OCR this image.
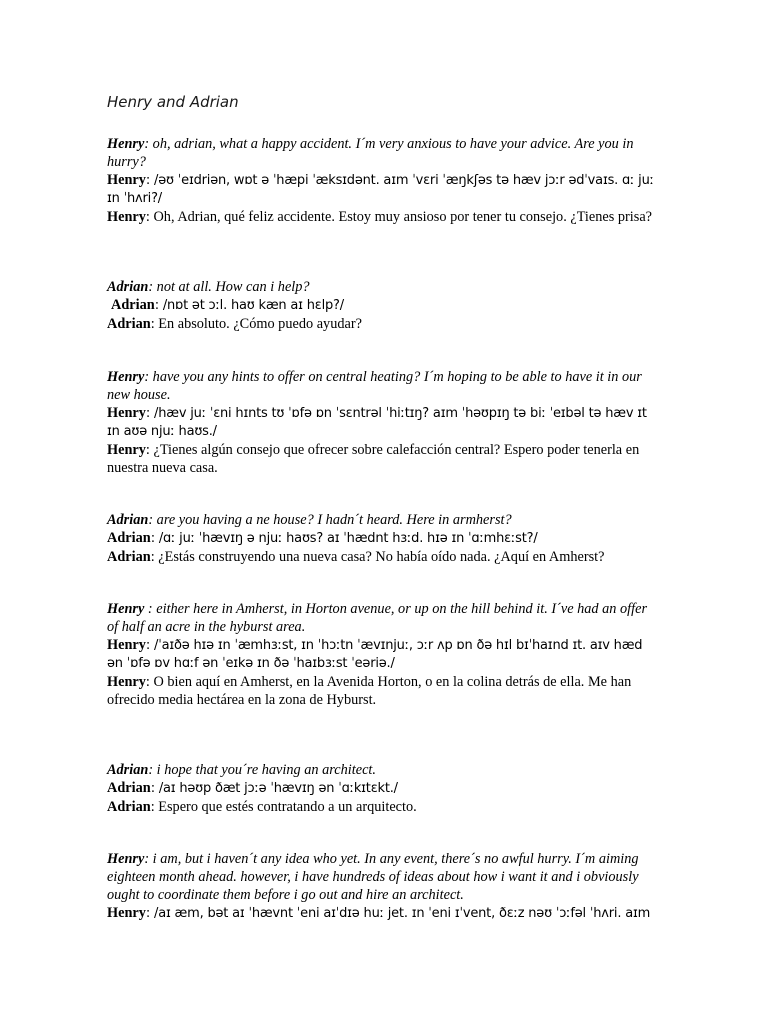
Henry and Adrian

Henry: oh, adrian, what a happy accident. I´m very anxious to have your advice. Are you in hurry?

Henry: /əʊ ˈeɪdriən, wɒt ə ˈhæpi ˈæksɪdənt. aɪm ˈvɛri ˈæŋkʃəs tə hæv jɔːr ədˈvaɪs. ɑː juː ɪn ˈhʌri?/

Henry: Oh, Adrian, qué feliz accidente. Estoy muy ansioso por tener tu consejo. ¿Tienes prisa?

Adrian: not at all. How can i help?

Adrian: /nɒt ət ɔːl. haʊ kæn aɪ hɛlp?/

Adrian: En absoluto. ¿Cómo puedo ayudar?

Henry: have you any hints to offer on central heating? I´m hoping to be able to have it in our new house.

Henry: /hæv juː ˈɛni hɪnts tʊ ˈɒfə ɒn ˈsɛntrəl ˈhiːtɪŋ? aɪm ˈhəʊpɪŋ tə biː ˈeɪbəl tə hæv ɪt ɪn aʊə njuː haʊs./

Henry: ¿Tienes algún consejo que ofrecer sobre calefacción central? Espero poder tenerla en nuestra nueva casa.

Adrian: are you having a ne house? I hadn´t heard. Here in armherst?

Adrian: /ɑː juː ˈhævɪŋ ə njuː haʊs? aɪ ˈhædnt hɜːd. hɪə ɪn ˈɑːmhɛːst?/

Adrian: ¿Estás construyendo una nueva casa? No había oído nada. ¿Aquí en Amherst?

Henry : either here in Amherst, in Horton avenue, or up on the hill behind it. I´ve had an offer of half an acre in the hyburst area.

Henry: /ˈaɪðə hɪə ɪn ˈæmhɜːst, ɪn ˈhɔːtn ˈævɪnjuː, ɔːr ʌp ɒn ðə hɪl bɪˈhaɪnd ɪt. aɪv hæd ən ˈɒfə ɒv hɑːf ən ˈeɪkə ɪn ðə ˈhaɪbɜːst ˈeəriə./

Henry: O bien aquí en Amherst, en la Avenida Horton, o en la colina detrás de ella. Me han ofrecido media hectárea en la zona de Hyburst.

Adrian: i hope that you´re having an architect.

Adrian: /aɪ həʊp ðæt jɔːə ˈhævɪŋ ən ˈɑːkɪtɛkt./

Adrian: Espero que estés contratando a un arquitecto.

Henry: i am, but i haven´t any idea who yet. In any event, there´s no awful hurry. I´m aiming eighteen month ahead. however, i have hundreds of ideas about how i want it and i obviously ought to coordinate them before i go out and hire an architect.

Henry: /aɪ æm, bət aɪ ˈhævnt ˈeni aɪˈdɪə huː jet. ɪn ˈeni ɪˈvent, ðɛːz nəʊ ˈɔːfəl ˈhʌri. aɪm
